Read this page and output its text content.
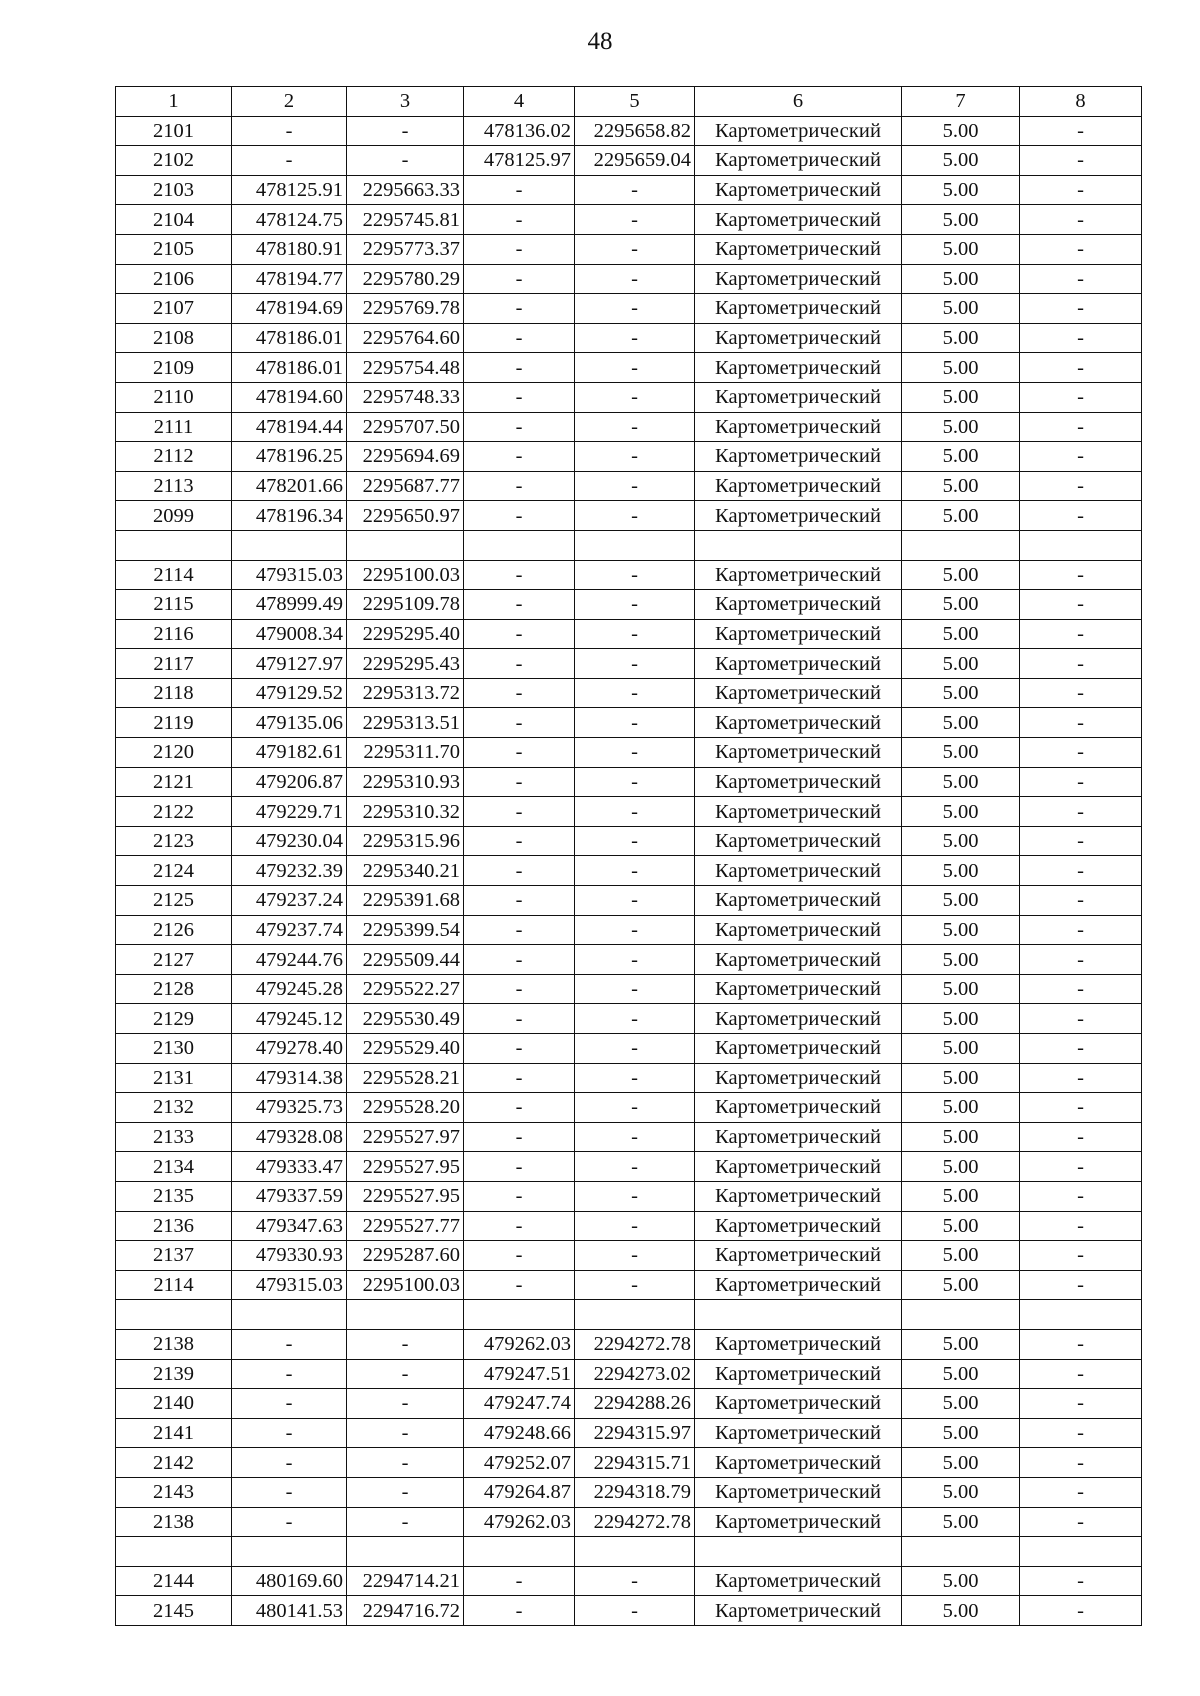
48
1	2	3	4	5	6	7	8
2101	-	-	478136.02	2295658.82	Картометрический	5.00	-
2102	-	-	478125.97	2295659.04	Картометрический	5.00	-
2103	478125.91	2295663.33	-	-	Картометрический	5.00	-
2104	478124.75	2295745.81	-	-	Картометрический	5.00	-
2105	478180.91	2295773.37	-	-	Картометрический	5.00	-
2106	478194.77	2295780.29	-	-	Картометрический	5.00	-
2107	478194.69	2295769.78	-	-	Картометрический	5.00	-
2108	478186.01	2295764.60	-	-	Картометрический	5.00	-
2109	478186.01	2295754.48	-	-	Картометрический	5.00	-
2110	478194.60	2295748.33	-	-	Картометрический	5.00	-
2111	478194.44	2295707.50	-	-	Картометрический	5.00	-
2112	478196.25	2295694.69	-	-	Картометрический	5.00	-
2113	478201.66	2295687.77	-	-	Картометрический	5.00	-
2099	478196.34	2295650.97	-	-	Картометрический	5.00	-

2114	479315.03	2295100.03	-	-	Картометрический	5.00	-
2115	478999.49	2295109.78	-	-	Картометрический	5.00	-
2116	479008.34	2295295.40	-	-	Картометрический	5.00	-
2117	479127.97	2295295.43	-	-	Картометрический	5.00	-
2118	479129.52	2295313.72	-	-	Картометрический	5.00	-
2119	479135.06	2295313.51	-	-	Картометрический	5.00	-
2120	479182.61	2295311.70	-	-	Картометрический	5.00	-
2121	479206.87	2295310.93	-	-	Картометрический	5.00	-
2122	479229.71	2295310.32	-	-	Картометрический	5.00	-
2123	479230.04	2295315.96	-	-	Картометрический	5.00	-
2124	479232.39	2295340.21	-	-	Картометрический	5.00	-
2125	479237.24	2295391.68	-	-	Картометрический	5.00	-
2126	479237.74	2295399.54	-	-	Картометрический	5.00	-
2127	479244.76	2295509.44	-	-	Картометрический	5.00	-
2128	479245.28	2295522.27	-	-	Картометрический	5.00	-
2129	479245.12	2295530.49	-	-	Картометрический	5.00	-
2130	479278.40	2295529.40	-	-	Картометрический	5.00	-
2131	479314.38	2295528.21	-	-	Картометрический	5.00	-
2132	479325.73	2295528.20	-	-	Картометрический	5.00	-
2133	479328.08	2295527.97	-	-	Картометрический	5.00	-
2134	479333.47	2295527.95	-	-	Картометрический	5.00	-
2135	479337.59	2295527.95	-	-	Картометрический	5.00	-
2136	479347.63	2295527.77	-	-	Картометрический	5.00	-
2137	479330.93	2295287.60	-	-	Картометрический	5.00	-
2114	479315.03	2295100.03	-	-	Картометрический	5.00	-

2138	-	-	479262.03	2294272.78	Картометрический	5.00	-
2139	-	-	479247.51	2294273.02	Картометрический	5.00	-
2140	-	-	479247.74	2294288.26	Картометрический	5.00	-
2141	-	-	479248.66	2294315.97	Картометрический	5.00	-
2142	-	-	479252.07	2294315.71	Картометрический	5.00	-
2143	-	-	479264.87	2294318.79	Картометрический	5.00	-
2138	-	-	479262.03	2294272.78	Картометрический	5.00	-

2144	480169.60	2294714.21	-	-	Картометрический	5.00	-
2145	480141.53	2294716.72	-	-	Картометрический	5.00	-
